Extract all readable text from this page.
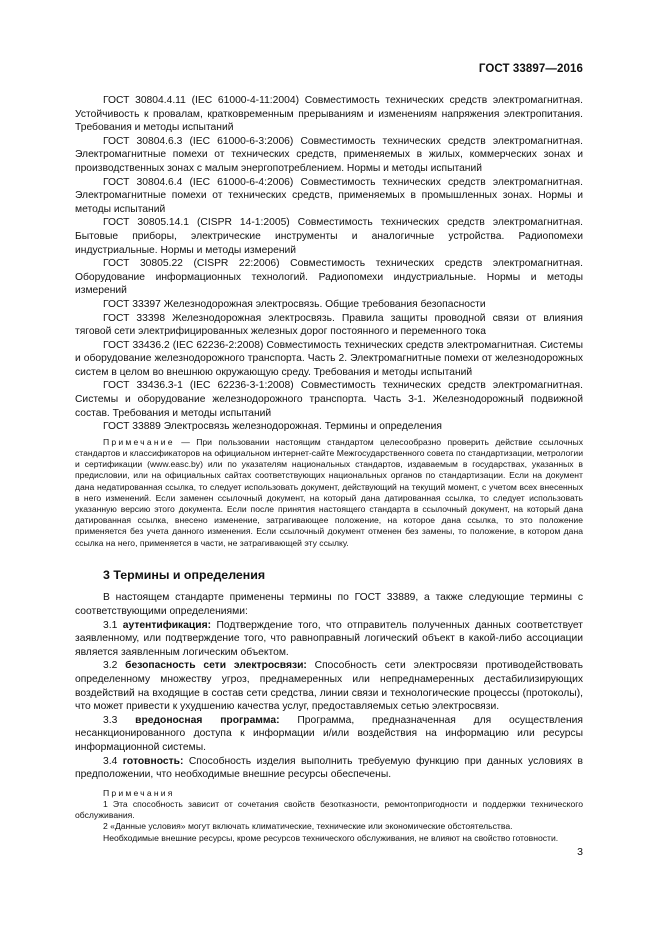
ГОСТ 33897—2016

ГОСТ 30804.4.11 (IEC 61000-4-11:2004) Совместимость технических средств электромагнитная. Устойчивость к провалам, кратковременным прерываниям и изменениям напряжения электропитания. Требования и методы испытаний

ГОСТ 30804.6.3 (IEC 61000-6-3:2006) Совместимость технических средств электромагнитная. Электромагнитные помехи от технических средств, применяемых в жилых, коммерческих зонах и производственных зонах с малым энергопотреблением. Нормы и методы испытаний

ГОСТ 30804.6.4 (IEC 61000-6-4:2006) Совместимость технических средств электромагнитная. Электромагнитные помехи от технических средств, применяемых в промышленных зонах. Нормы и методы испытаний

ГОСТ 30805.14.1 (CISPR 14-1:2005) Совместимость технических средств электромагнитная. Бытовые приборы, электрические инструменты и аналогичные устройства. Радиопомехи индустриальные. Нормы и методы измерений

ГОСТ 30805.22 (CISPR 22:2006) Совместимость технических средств электромагнитная. Оборудование информационных технологий. Радиопомехи индустриальные. Нормы и методы измерений

ГОСТ 33397 Железнодорожная электросвязь. Общие требования безопасности

ГОСТ 33398 Железнодорожная электросвязь. Правила защиты проводной связи от влияния тяговой сети электрифицированных железных дорог постоянного и переменного тока

ГОСТ 33436.2 (IEC 62236-2:2008) Совместимость технических средств электромагнитная. Системы и оборудование железнодорожного транспорта. Часть 2. Электромагнитные помехи от железнодорожных систем в целом во внешнюю окружающую среду. Требования и методы испытаний

ГОСТ 33436.3-1 (IEC 62236-3-1:2008) Совместимость технических средств электромагнитная. Системы и оборудование железнодорожного транспорта. Часть 3-1. Железнодорожный подвижной состав. Требования и методы испытаний

ГОСТ 33889 Электросвязь железнодорожная. Термины и определения

Примечание — При пользовании настоящим стандартом целесообразно проверить действие ссылочных стандартов и классификаторов на официальном интернет-сайте Межгосударственного совета по стандартизации, метрологии и сертификации (www.easc.by) или по указателям национальных стандартов, издаваемым в государствах, указанных в предисловии, или на официальных сайтах соответствующих национальных органов по стандартизации. Если на документ дана недатированная ссылка, то следует использовать документ, действующий на текущий момент, с учетом всех внесенных в него изменений. Если заменен ссылочный документ, на который дана датированная ссылка, то следует использовать указанную версию этого документа. Если после принятия настоящего стандарта в ссылочный документ, на который дана датированная ссылка, внесено изменение, затрагивающее положение, на которое дана ссылка, то это положение применяется без учета данного изменения. Если ссылочный документ отменен без замены, то положение, в котором дана ссылка на него, применяется в части, не затрагивающей эту ссылку.

3 Термины и определения

В настоящем стандарте применены термины по ГОСТ 33889, а также следующие термины с соответствующими определениями:

3.1 аутентификация: Подтверждение того, что отправитель полученных данных соответствует заявленному, или подтверждение того, что равноправный логический объект в какой-либо ассоциации является заявленным логическим объектом.

3.2 безопасность сети электросвязи: Способность сети электросвязи противодействовать определенному множеству угроз, преднамеренных или непреднамеренных дестабилизирующих воздействий на входящие в состав сети средства, линии связи и технологические процессы (протоколы), что может привести к ухудшению качества услуг, предоставляемых сетью электросвязи.

3.3 вредоносная программа: Программа, предназначенная для осуществления несанкционированного доступа к информации и/или воздействия на информацию или ресурсы информационной системы.

3.4 готовность: Способность изделия выполнить требуемую функцию при данных условиях в предположении, что необходимые внешние ресурсы обеспечены.

Примечания

1 Эта способность зависит от сочетания свойств безотказности, ремонтопригодности и поддержки технического обслуживания.

2 «Данные условия» могут включать климатические, технические или экономические обстоятельства.

Необходимые внешние ресурсы, кроме ресурсов технического обслуживания, не влияют на свойство готовности.

3
